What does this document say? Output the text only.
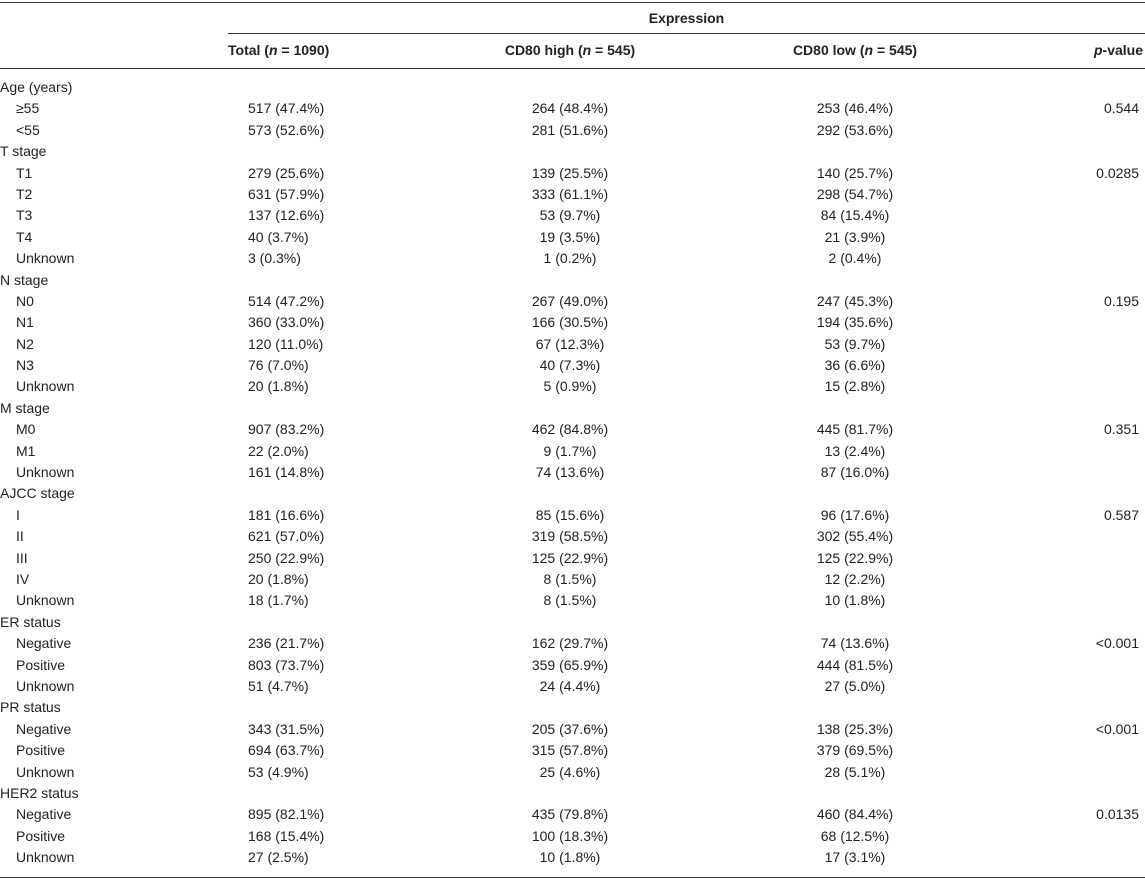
Expression
Total (n = 1090)	CD80 high (n = 545)	CD80 low (n = 545)	p-value
Age (years)
≥55	517 (47.4%)	264 (48.4%)	253 (46.4%)	0.544
<55	573 (52.6%)	281 (51.6%)	292 (53.6%)
T stage
T1	279 (25.6%)	139 (25.5%)	140 (25.7%)	0.0285
T2	631 (57.9%)	333 (61.1%)	298 (54.7%)
T3	137 (12.6%)	53 (9.7%)	84 (15.4%)
T4	40 (3.7%)	19 (3.5%)	21 (3.9%)
Unknown	3 (0.3%)	1 (0.2%)	2 (0.4%)
N stage
N0	514 (47.2%)	267 (49.0%)	247 (45.3%)	0.195
N1	360 (33.0%)	166 (30.5%)	194 (35.6%)
N2	120 (11.0%)	67 (12.3%)	53 (9.7%)
N3	76 (7.0%)	40 (7.3%)	36 (6.6%)
Unknown	20 (1.8%)	5 (0.9%)	15 (2.8%)
M stage
M0	907 (83.2%)	462 (84.8%)	445 (81.7%)	0.351
M1	22 (2.0%)	9 (1.7%)	13 (2.4%)
Unknown	161 (14.8%)	74 (13.6%)	87 (16.0%)
AJCC stage
I	181 (16.6%)	85 (15.6%)	96 (17.6%)	0.587
II	621 (57.0%)	319 (58.5%)	302 (55.4%)
III	250 (22.9%)	125 (22.9%)	125 (22.9%)
IV	20 (1.8%)	8 (1.5%)	12 (2.2%)
Unknown	18 (1.7%)	8 (1.5%)	10 (1.8%)
ER status
Negative	236 (21.7%)	162 (29.7%)	74 (13.6%)	<0.001
Positive	803 (73.7%)	359 (65.9%)	444 (81.5%)
Unknown	51 (4.7%)	24 (4.4%)	27 (5.0%)
PR status
Negative	343 (31.5%)	205 (37.6%)	138 (25.3%)	<0.001
Positive	694 (63.7%)	315 (57.8%)	379 (69.5%)
Unknown	53 (4.9%)	25 (4.6%)	28 (5.1%)
HER2 status
Negative	895 (82.1%)	435 (79.8%)	460 (84.4%)	0.0135
Positive	168 (15.4%)	100 (18.3%)	68 (12.5%)
Unknown	27 (2.5%)	10 (1.8%)	17 (3.1%)
